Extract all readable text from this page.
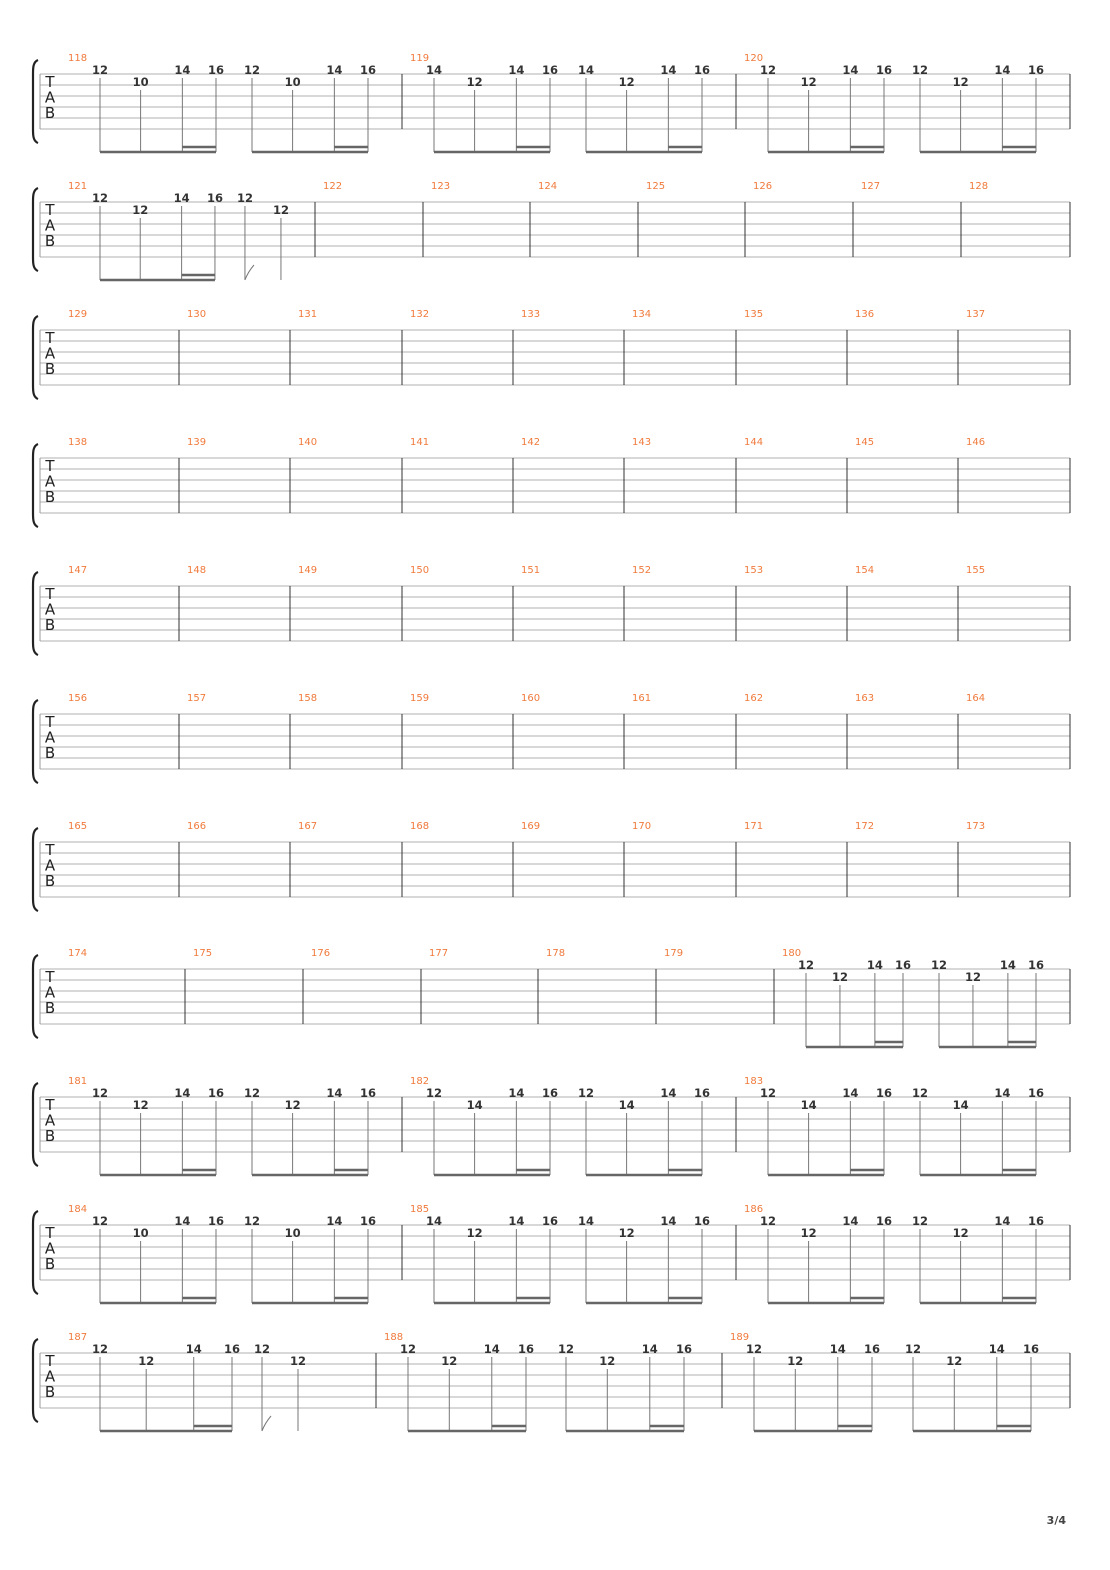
T
A
B
118
12
10
14 16 12
10
14 16
119
14
12
14 16 14
12
14 16
120
12
12
14 16 12
12
14 16
T
A
B
121
12
12
14 16 12
12
122	123	124	125	126	127	128
T
A
B
129	130	131	132	133	134	135	136	137
T
A
B
138	139	140	141	142	143	144	145	146
T
A
B
147	148	149	150	151	152	153	154	155
T
A
B
156	157	158	159	160	161	162	163	164
T
A
B
165	166	167	168	169	170	171	172	173
T
A
B
174	175	176	177	178	179	180
12
12
14 16 12
12
14 16
T
A
B
181
12
12
14 16 12
12
14 16
182
12
14
14 16 12
14
14 16
183
12
14
14 16 12
14
14 16
T
A
B
184
12
10
14 16 12
10
14 16
185
14
12
14 16 14
12
14 16
186
12
12
14 16 12
12
14 16
T
A
B
187
12
12
14 16 12
12
188
12
12
14 16 12
12
14 16
189
12
12
14 16 12
12
14 16
3/4
